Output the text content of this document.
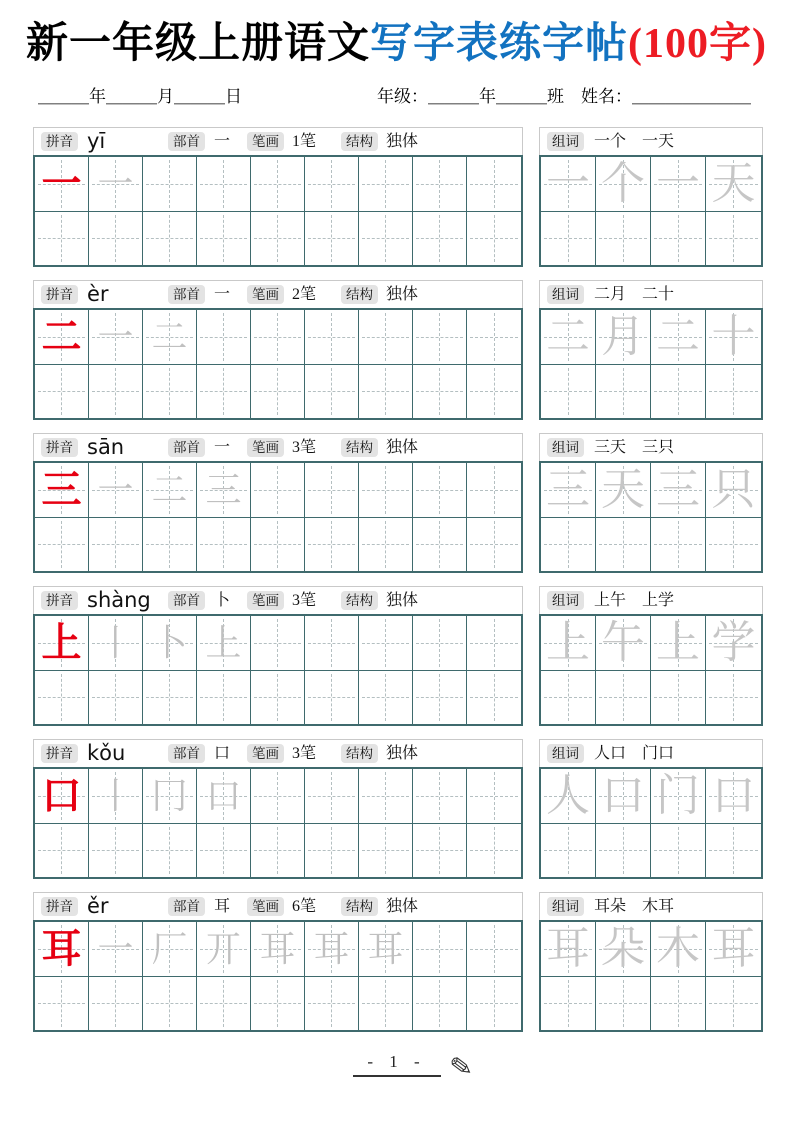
新一年级上册语文写字表练字帖(100字)
＿＿＿年＿＿＿月＿＿＿日	年级：＿＿＿年＿＿＿班　姓名：＿＿＿＿＿＿＿
拼音 yī	部首 一	笔画 1笔	结构 独体
一 一
组词 一个　一天
一 个 一 天
拼音 èr	部首 一	笔画 2笔	结构 独体
二 一 二
组词 二月　二十
二 月 二 十
拼音 sān	部首 一	笔画 3笔	结构 独体
三 一 二 三
组词 三天　三只
三 天 三 只
拼音 shàng	部首 卜	笔画 3笔	结构 独体
上 丨 卜 上
组词 上午　上学
上 午 上 学
拼音 kǒu	部首 口	笔画 3笔	结构 独体
口 丨 冂 口
组词 人口　门口
人 口 门 口
拼音 ěr	部首 耳	笔画 6笔	结构 独体
耳 一 厂 丌 耳 耳 耳
组词 耳朵　木耳
耳 朵 木 耳
- 1 - ✎
